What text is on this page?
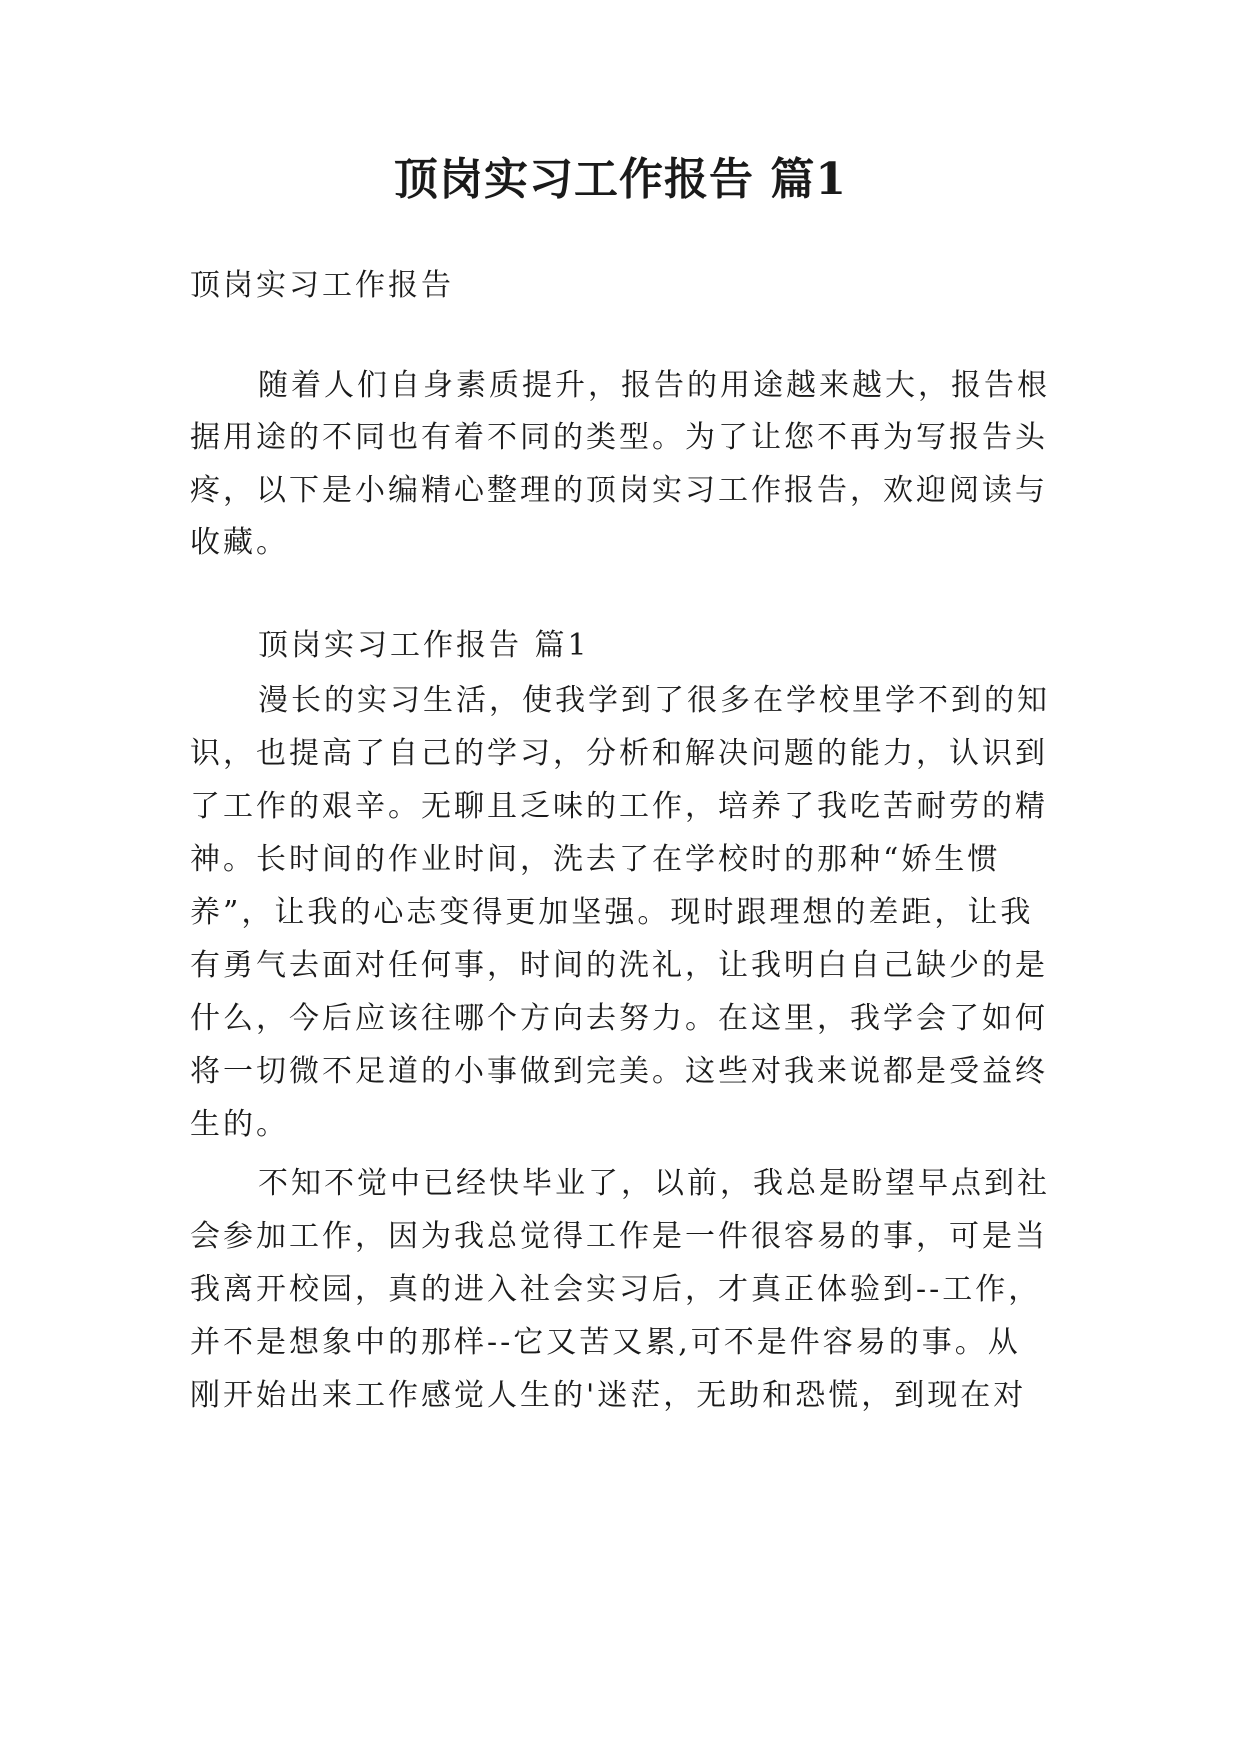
顶岗实习工作报告 篇1

顶岗实习工作报告

随着人们自身素质提升，报告的用途越来越大，报告根

据用途的不同也有着不同的类型。为了让您不再为写报告头

疼，以下是小编精心整理的顶岗实习工作报告，欢迎阅读与

收藏。

顶岗实习工作报告 篇1

漫长的实习生活，使我学到了很多在学校里学不到的知

识，也提高了自己的学习，分析和解决问题的能力，认识到

了工作的艰辛。无聊且乏味的工作，培养了我吃苦耐劳的精

神。长时间的作业时间，洗去了在学校时的那种“娇生惯

养”，让我的心志变得更加坚强。现时跟理想的差距，让我

有勇气去面对任何事，时间的洗礼，让我明白自己缺少的是

什么，今后应该往哪个方向去努力。在这里，我学会了如何

将一切微不足道的小事做到完美。这些对我来说都是受益终

生的。

不知不觉中已经快毕业了，以前，我总是盼望早点到社

会参加工作，因为我总觉得工作是一件很容易的事，可是当

我离开校园，真的进入社会实习后，才真正体验到--工作，

并不是想象中的那样--它又苦又累,可不是件容易的事。从

刚开始出来工作感觉人生的'迷茫，无助和恐慌，到现在对
